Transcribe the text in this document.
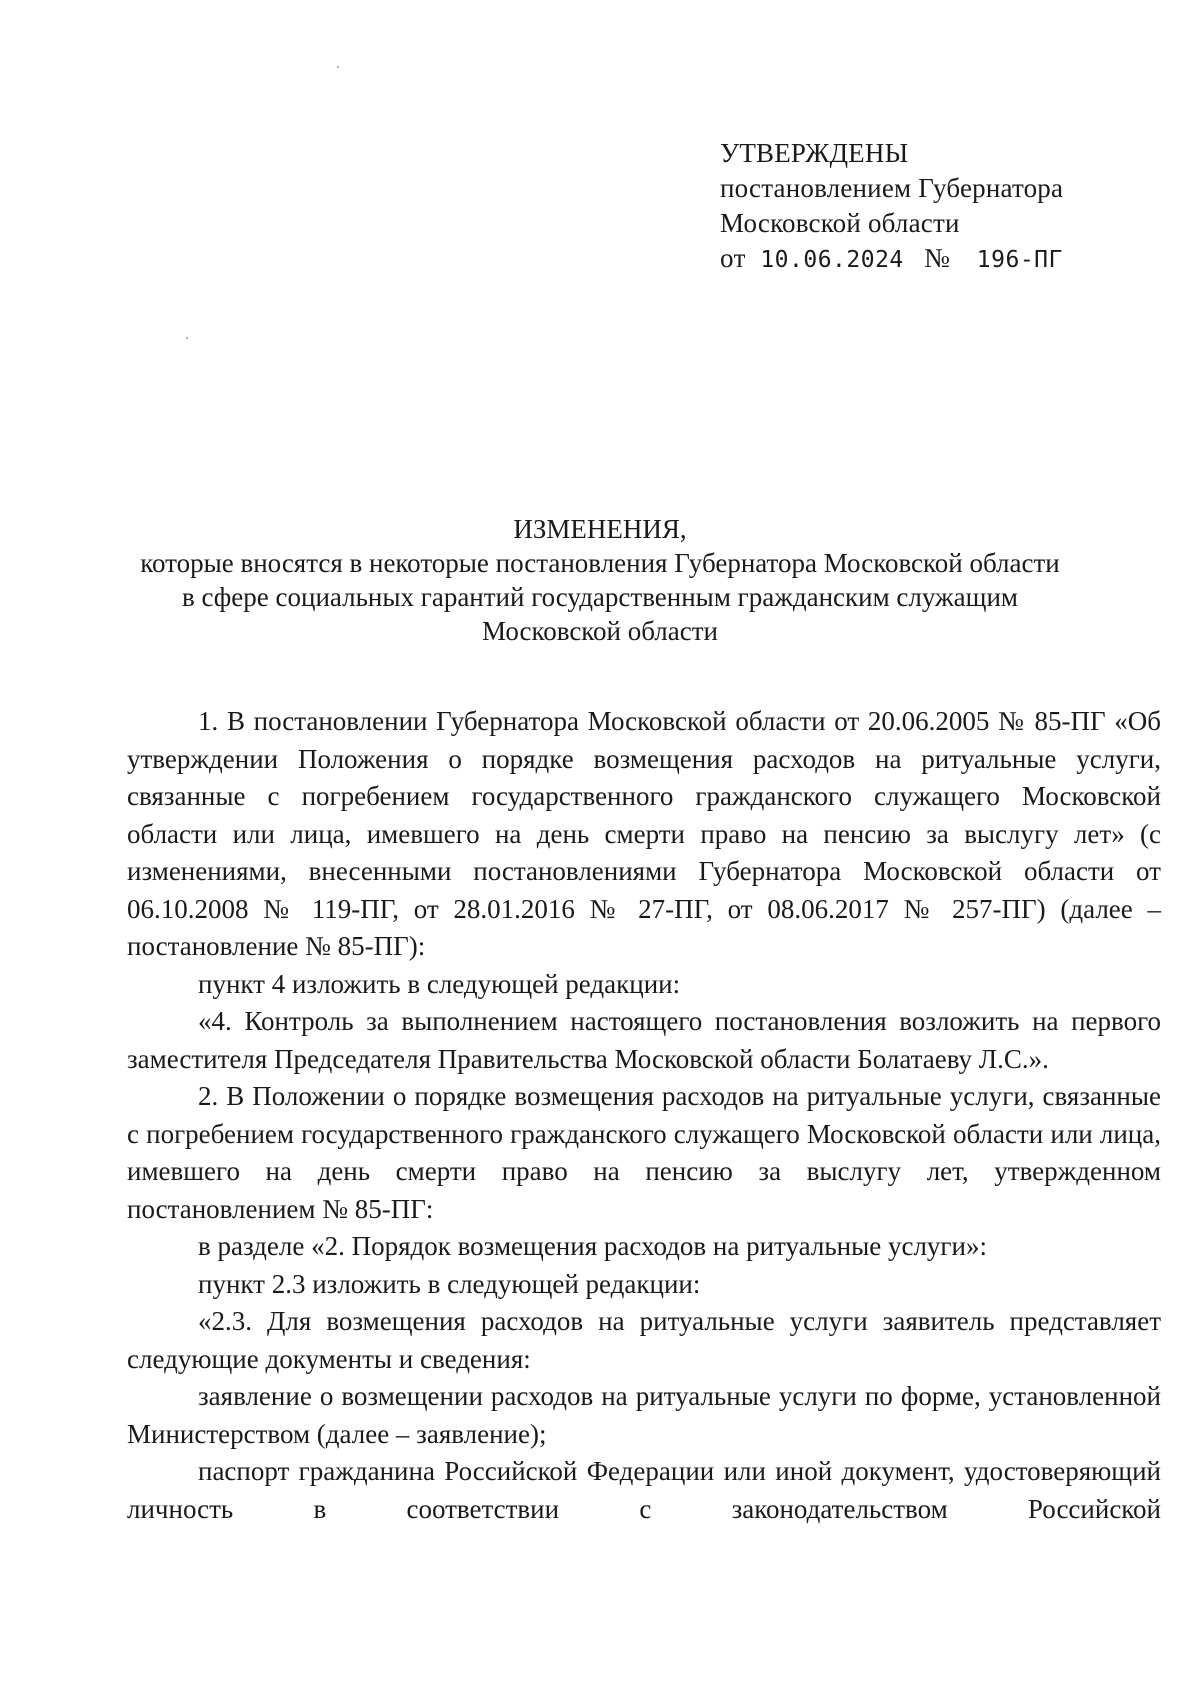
УТВЕРЖДЕНЫ
постановлением Губернатора
Московской области
от 10.06.2024 № 196-ПГ
ИЗМЕНЕНИЯ,
которые вносятся в некоторые постановления Губернатора Московской области
в сфере социальных гарантий государственным гражданским служащим
Московской области

1. В постановлении Губернатора Московской области от 20.06.2005 № 85-ПГ «Об утверждении Положения о порядке возмещения расходов на ритуальные услуги, связанные с погребением государственного гражданского служащего Московской области или лица, имевшего на день смерти право на пенсию за выслугу лет» (с изменениями, внесенными постановлениями Губернатора Московской области от 06.10.2008 № 119-ПГ, от 28.01.2016 № 27-ПГ, от 08.06.2017 № 257-ПГ) (далее – постановление № 85-ПГ):

пункт 4 изложить в следующей редакции:

«4. Контроль за выполнением настоящего постановления возложить на первого заместителя Председателя Правительства Московской области Болатаеву Л.С.».

2. В Положении о порядке возмещения расходов на ритуальные услуги, связанные с погребением государственного гражданского служащего Московской области или лица, имевшего на день смерти право на пенсию за выслугу лет, утвержденном постановлением № 85-ПГ:

в разделе «2. Порядок возмещения расходов на ритуальные услуги»:

пункт 2.3 изложить в следующей редакции:

«2.3. Для возмещения расходов на ритуальные услуги заявитель представляет следующие документы и сведения:

заявление о возмещении расходов на ритуальные услуги по форме, установленной Министерством (далее – заявление);

паспорт гражданина Российской Федерации или иной документ, удостоверяющий личность в соответствии с законодательством Российской
